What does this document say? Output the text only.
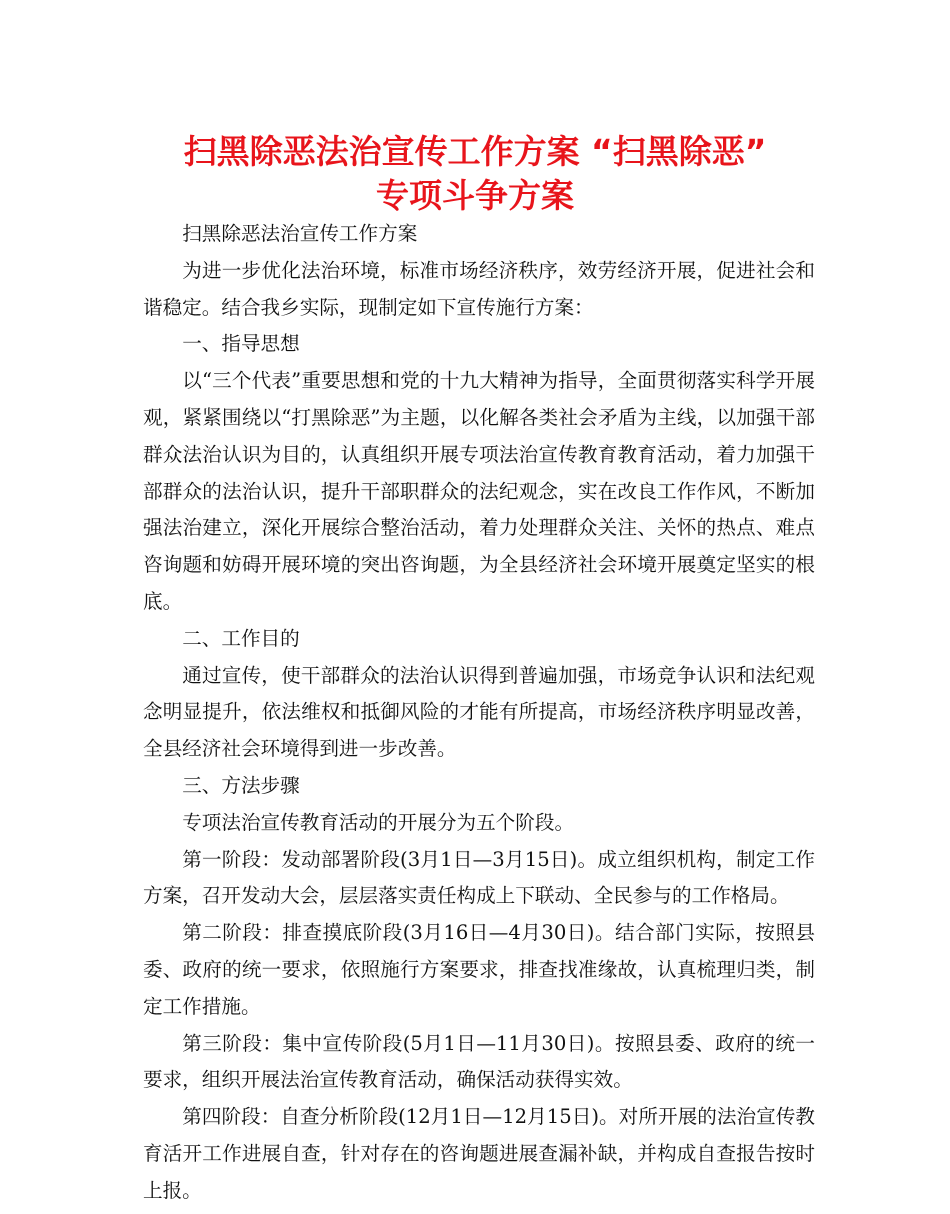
扫黑除恶法治宣传工作方案 “扫黑除恶”
专项斗争方案

扫黑除恶法治宣传工作方案

为进一步优化法治环境，标准市场经济秩序，效劳经济开展，促进社会和谐稳定。结合我乡实际，现制定如下宣传施行方案：

一、指导思想

以“三个代表”重要思想和党的十九大精神为指导，全面贯彻落实科学开展观，紧紧围绕以“打黑除恶”为主题，以化解各类社会矛盾为主线，以加强干部群众法治认识为目的，认真组织开展专项法治宣传教育教育活动，着力加强干部群众的法治认识，提升干部职群众的法纪观念，实在改良工作作风，不断加强法治建立，深化开展综合整治活动，着力处理群众关注、关怀的热点、难点咨询题和妨碍开展环境的突出咨询题，为全县经济社会环境开展奠定坚实的根底。

二、工作目的

通过宣传，使干部群众的法治认识得到普遍加强，市场竞争认识和法纪观念明显提升，依法维权和抵御风险的才能有所提高，市场经济秩序明显改善，全县经济社会环境得到进一步改善。

三、方法步骤

专项法治宣传教育活动的开展分为五个阶段。

第一阶段：发动部署阶段(3月1日—3月15日)。成立组织机构，制定工作方案，召开发动大会，层层落实责任构成上下联动、全民参与的工作格局。

第二阶段：排查摸底阶段(3月16日—4月30日)。结合部门实际，按照县委、政府的统一要求，依照施行方案要求，排查找准缘故，认真梳理归类，制定工作措施。

第三阶段：集中宣传阶段(5月1日—11月30日)。按照县委、政府的统一要求，组织开展法治宣传教育活动，确保活动获得实效。

第四阶段：自查分析阶段(12月1日—12月15日)。对所开展的法治宣传教育活开工作进展自查，针对存在的咨询题进展查漏补缺，并构成自查报告按时上报。
